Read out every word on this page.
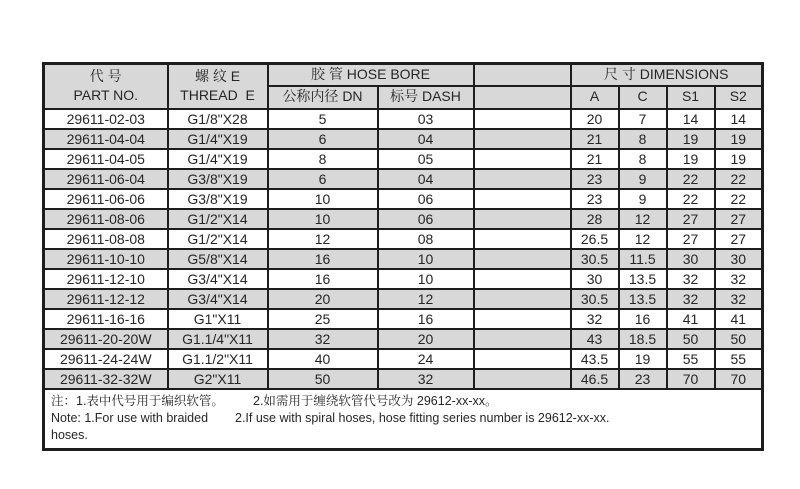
代 号
PART NO.	螺 纹 E
THREAD  E	胶 管 HOSE BORE			尺 寸 DIMENSIONS			
		公称内径 DN	标号 DASH		A	C	S1	S2
29611-02-03	G1/8"X28	5	03		20	7	14	14
29611-04-04	G1/4"X19	6	04		21	8	19	19
29611-04-05	G1/4"X19	8	05		21	8	19	19
29611-06-04	G3/8"X19	6	04		23	9	22	22
29611-06-06	G3/8"X19	10	06		23	9	22	22
29611-08-06	G1/2"X14	10	06		28	12	27	27
29611-08-08	G1/2"X14	12	08		26.5	12	27	27
29611-10-10	G5/8"X14	16	10		30.5	11.5	30	30
29611-12-10	G3/4"X14	16	10		30	13.5	32	32
29611-12-12	G3/4"X14	20	12		30.5	13.5	32	32
29611-16-16	G1"X11	25	16		32	16	41	41
29611-20-20W	G1.1/4"X11	32	20		43	18.5	50	50
29611-24-24W	G1.1/2"X11	40	24		43.5	19	55	55
29611-32-32W	G2"X11	50	32		46.5	23	70	70

注：1.表中代号用于编织软管。 2.如需用于缠绕软管代号改为 29612-xx-xx。
Note: 1.For use with braided hoses.
2.If use with spiral hoses, hose fitting series number is 29612-xx-xx.								
